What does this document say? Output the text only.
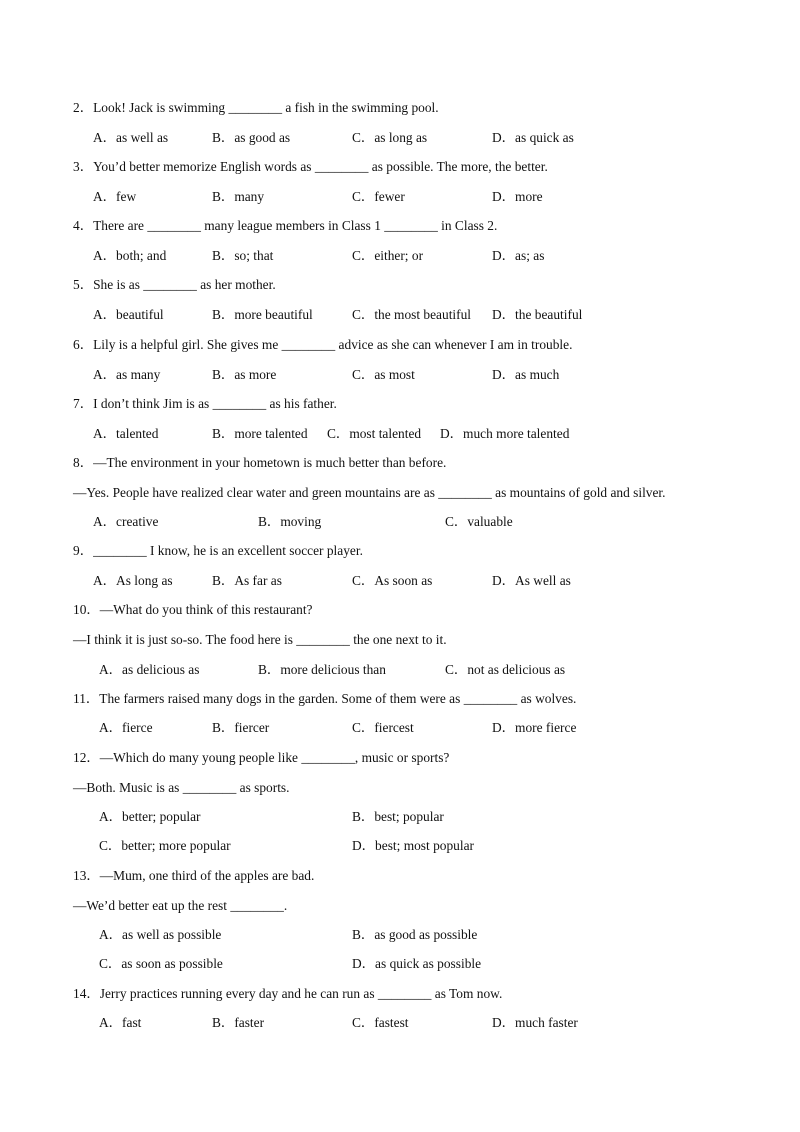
2．Look! Jack is swimming ________ a fish in the swimming pool.
A．as well as	B．as good as	C．as long as	D．as quick as
3．You’d better memorize English words as ________ as possible. The more, the better.
A．few	B．many	C．fewer	D．more
4．There are ________ many league members in Class 1 ________ in Class 2.
A．both; and	B．so; that	C．either; or	D．as; as
5．She is as ________ as her mother.
A．beautiful	B．more beautiful	C．the most beautiful D．the beautiful
6．Lily is a helpful girl. She gives me ________ advice as she can whenever I am in trouble.
A．as many	B．as more	C．as most	D．as much
7．I don’t think Jim is as ________ as his father.
A．talented	B．more talented C．most talented D．much more talented
8．—The environment in your hometown is much better than before.
—Yes. People have realized clear water and green mountains are as ________ as mountains of gold and silver.
A．creative	B．moving	C．valuable
9．________ I know, he is an excellent soccer player.
A．As long as	B．As far as	C．As soon as	D．As well as
10．—What do you think of this restaurant?
—I think it is just so-so. The food here is ________ the one next to it.
A．as delicious as	B．more delicious than	C．not as delicious as
11．The farmers raised many dogs in the garden. Some of them were as ________ as wolves.
A．fierce	B．fiercer	C．fiercest	D．more fierce
12．—Which do many young people like ________, music or sports?
—Both. Music is as ________ as sports.
A．better; popular	B．best; popular
C．better; more popular	D．best; most popular
13．—Mum, one third of the apples are bad.
—We’d better eat up the rest ________.
A．as well as possible	B．as good as possible
C．as soon as possible	D．as quick as possible
14．Jerry practices running every day and he can run as ________ as Tom now.
A．fast	B．faster	C．fastest	D．much faster
